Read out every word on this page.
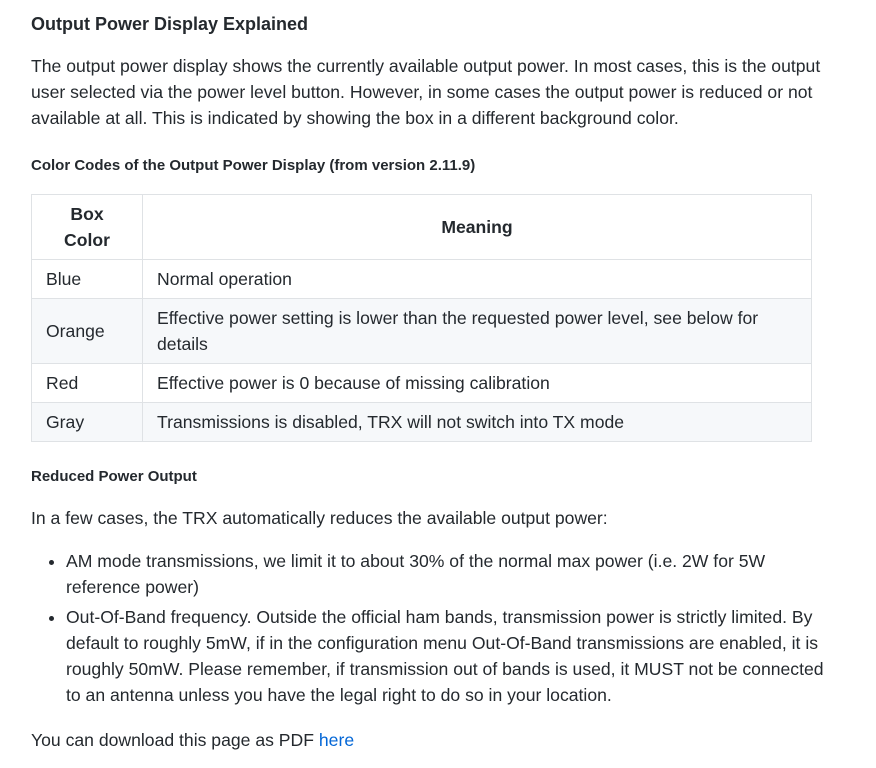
Output Power Display Explained

The output power display shows the currently available output power. In most cases, this is the output user selected via the power level button. However, in some cases the output power is reduced or not available at all. This is indicated by showing the box in a different background color.

Color Codes of the Output Power Display (from version 2.11.9)
Box Color	Meaning
Blue	Normal operation
Orange	Effective power setting is lower than the requested power level, see below for details
Red	Effective power is 0 because of missing calibration
Gray	Transmissions is disabled, TRX will not switch into TX mode
Reduced Power Output

In a few cases, the TRX automatically reduces the available output power:

• AM mode transmissions, we limit it to about 30% of the normal max power (i.e. 2W for 5W reference power)
• Out-Of-Band frequency. Outside the official ham bands, transmission power is strictly limited. By default to roughly 5mW, if in the configuration menu Out-Of-Band transmissions are enabled, it is roughly 50mW. Please remember, if transmission out of bands is used, it MUST not be connected to an antenna unless you have the legal right to do so in your location.

You can download this page as PDF here
